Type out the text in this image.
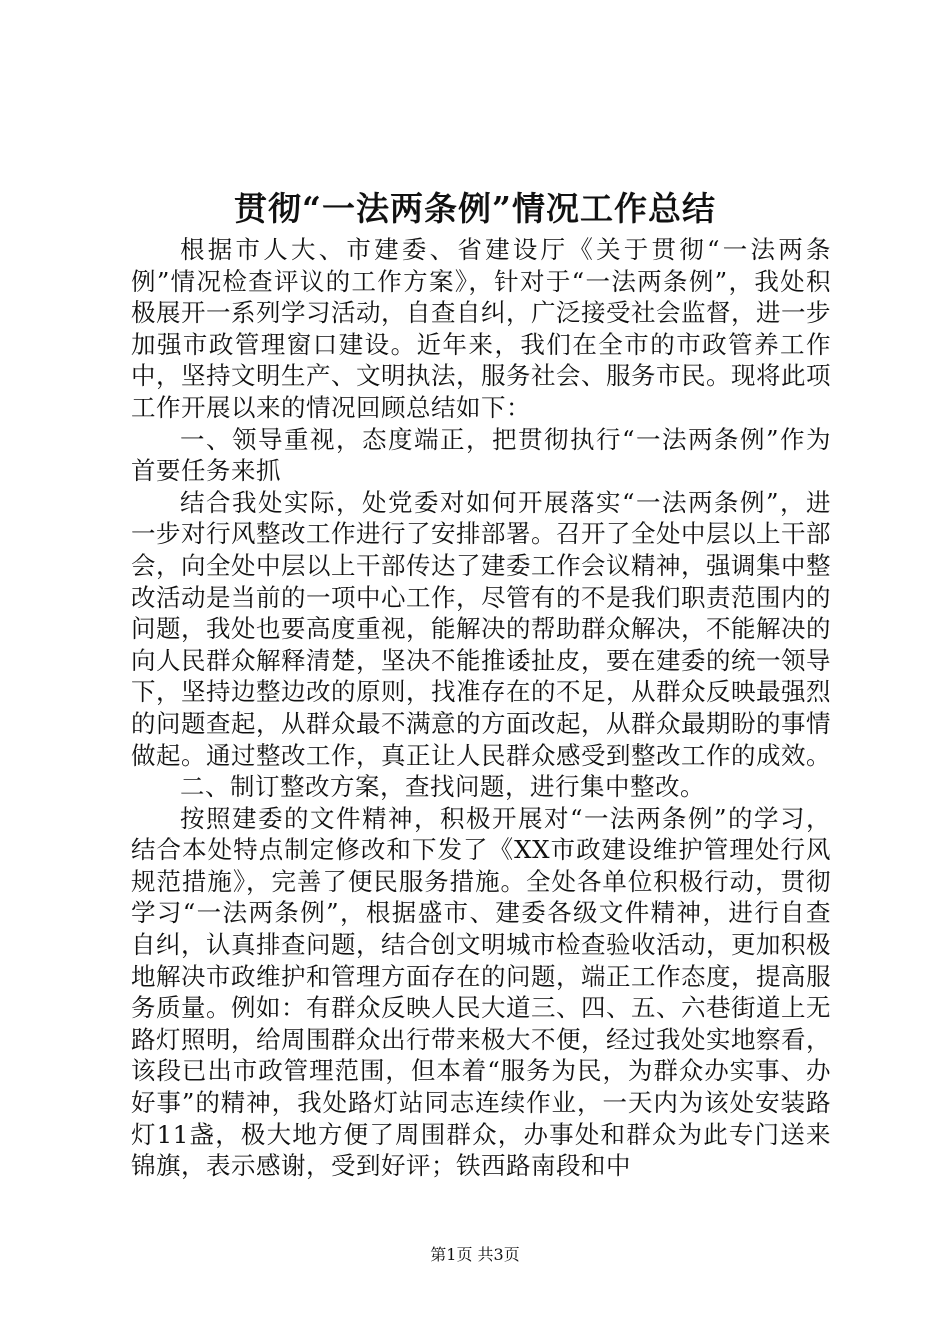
贯彻“一法两条例”情况工作总结

根据市人大、市建委、省建设厅《关于贯彻“一法两条例”情况检查评议的工作方案》，针对于“一法两条例”，我处积极展开一系列学习活动，自查自纠，广泛接受社会监督，进一步加强市政管理窗口建设。近年来，我们在全市的市政管养工作中，坚持文明生产、文明执法，服务社会、服务市民。现将此项工作开展以来的情况回顾总结如下：

一、领导重视，态度端正，把贯彻执行“一法两条例”作为首要任务来抓

结合我处实际，处党委对如何开展落实“一法两条例”，进一步对行风整改工作进行了安排部署。召开了全处中层以上干部会，向全处中层以上干部传达了建委工作会议精神，强调集中整改活动是当前的一项中心工作，尽管有的不是我们职责范围内的问题，我处也要高度重视，能解决的帮助群众解决，不能解决的向人民群众解释清楚，坚决不能推诿扯皮，要在建委的统一领导下，坚持边整边改的原则，找准存在的不足，从群众反映最强烈的问题查起，从群众最不满意的方面改起，从群众最期盼的事情做起。通过整改工作，真正让人民群众感受到整改工作的成效。

二、制订整改方案，查找问题，进行集中整改。

按照建委的文件精神，积极开展对“一法两条例”的学习，结合本处特点制定修改和下发了《XX市政建设维护管理处行风规范措施》，完善了便民服务措施。全处各单位积极行动，贯彻学习“一法两条例”，根据盛市、建委各级文件精神，进行自查自纠，认真排查问题，结合创文明城市检查验收活动，更加积极地解决市政维护和管理方面存在的问题，端正工作态度，提高服务质量。例如：有群众反映人民大道三、四、五、六巷街道上无路灯照明，给周围群众出行带来极大不便，经过我处实地察看，该段已出市政管理范围，但本着“服务为民，为群众办实事、办好事”的精神，我处路灯站同志连续作业，一天内为该处安装路灯11盏，极大地方便了周围群众，办事处和群众为此专门送来锦旗，表示感谢，受到好评；铁西路南段和中

第1页 共3页
